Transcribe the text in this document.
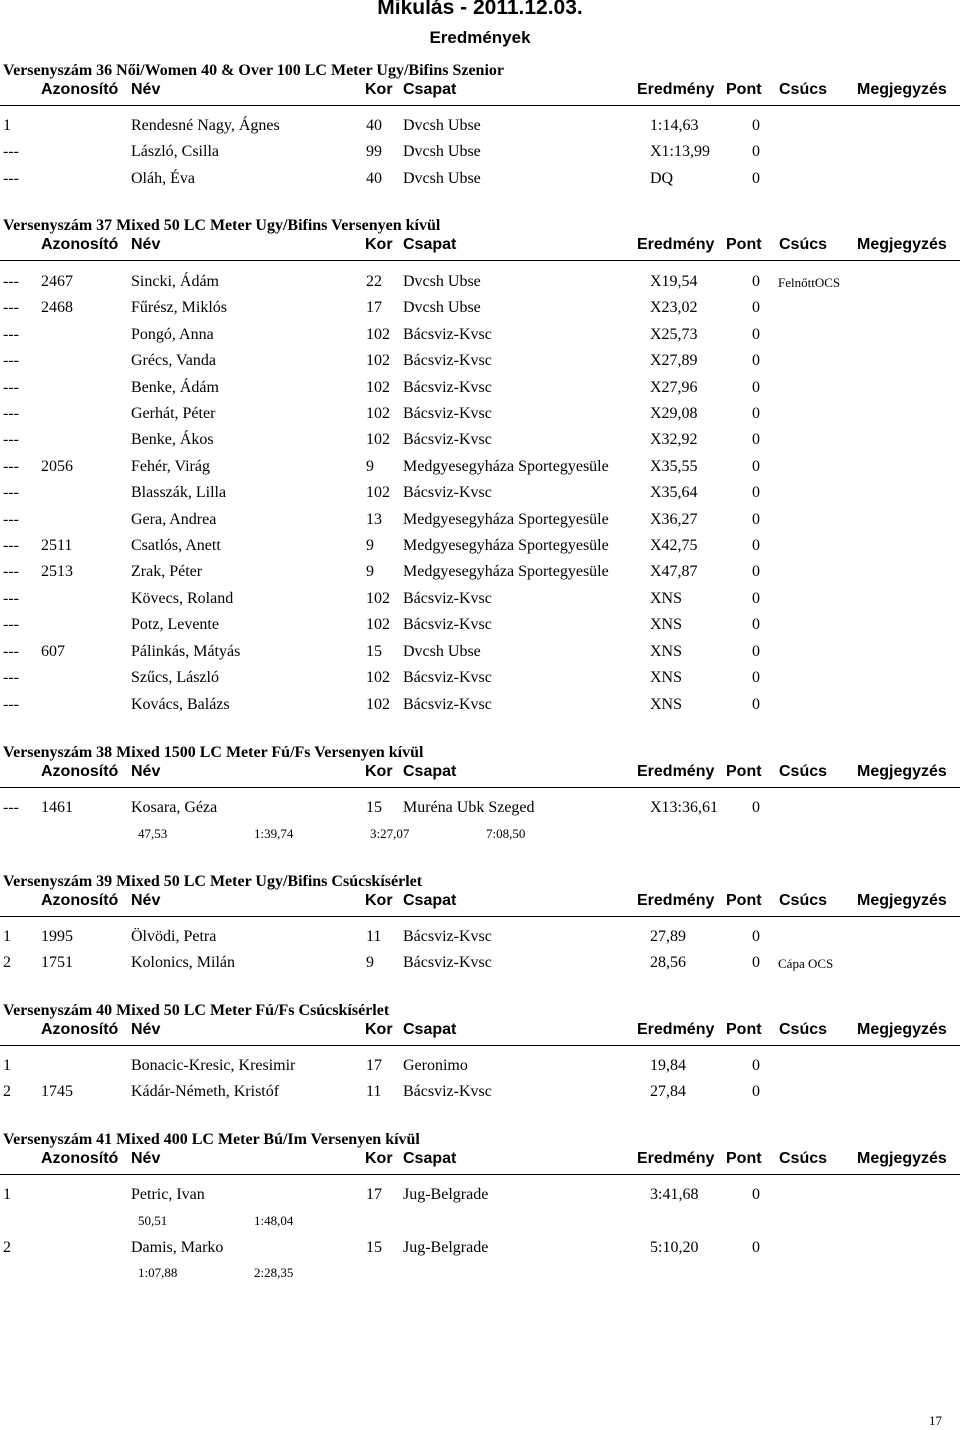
Mikulás - 2011.12.03.
Eredmények
Versenyszám 36 Női/Women 40 & Over 100 LC Meter Ugy/Bifins Szenior
Azonosító Név	Kor Csapat	Eredmény Pont Csúcs Megjegyzés
1	Rendesné Nagy, Ágnes	40 Dvcsh Ubse	1:14,63	0
---	László, Csilla	99 Dvcsh Ubse	X1:13,99	0
---	Oláh, Éva	40 Dvcsh Ubse	DQ	0
Versenyszám 37 Mixed 50 LC Meter Ugy/Bifins Versenyen kívül
Azonosító Név	Kor Csapat	Eredmény Pont Csúcs Megjegyzés
--- 2467	Sincki, Ádám	22 Dvcsh Ubse	X19,54	0 FelnőttOCS
--- 2468	Fűrész, Miklós	17 Dvcsh Ubse	X23,02	0
---	Pongó, Anna	102 Bácsviz-Kvsc	X25,73	0
---	Grécs, Vanda	102 Bácsviz-Kvsc	X27,89	0
---	Benke, Ádám	102 Bácsviz-Kvsc	X27,96	0
---	Gerhát, Péter	102 Bácsviz-Kvsc	X29,08	0
---	Benke, Ákos	102 Bácsviz-Kvsc	X32,92	0
--- 2056	Fehér, Virág	9 Medgyesegyháza Sportegyesüle	X35,55	0
---	Blasszák, Lilla	102 Bácsviz-Kvsc	X35,64	0
---	Gera, Andrea	13 Medgyesegyháza Sportegyesüle	X36,27	0
--- 2511	Csatlós, Anett	9 Medgyesegyháza Sportegyesüle	X42,75	0
--- 2513	Zrak, Péter	9 Medgyesegyháza Sportegyesüle	X47,87	0
---	Kövecs, Roland	102 Bácsviz-Kvsc	XNS	0
---	Potz, Levente	102 Bácsviz-Kvsc	XNS	0
--- 607	Pálinkás, Mátyás	15 Dvcsh Ubse	XNS	0
---	Szűcs, László	102 Bácsviz-Kvsc	XNS	0
---	Kovács, Balázs	102 Bácsviz-Kvsc	XNS	0
Versenyszám 38 Mixed 1500 LC Meter Fú/Fs Versenyen kívül
Azonosító Név	Kor Csapat	Eredmény Pont Csúcs Megjegyzés
--- 1461	Kosara, Géza	15 Muréna Ubk Szeged	X13:36,61 0
47,53	1:39,74	3:27,07	7:08,50
Versenyszám 39 Mixed 50 LC Meter Ugy/Bifins Csúcskísérlet
Azonosító Név	Kor Csapat	Eredmény Pont Csúcs Megjegyzés
1 1995	Ölvödi, Petra	11 Bácsviz-Kvsc	27,89	0
2 1751	Kolonics, Milán	9 Bácsviz-Kvsc	28,56	0 Cápa OCS
Versenyszám 40 Mixed 50 LC Meter Fú/Fs Csúcskísérlet
Azonosító Név	Kor Csapat	Eredmény Pont Csúcs Megjegyzés
1	Bonacic-Kresic, Kresimir	17 Geronimo	19,84	0
2 1745	Kádár-Németh, Kristóf	11 Bácsviz-Kvsc	27,84	0
Versenyszám 41 Mixed 400 LC Meter Bú/Im Versenyen kívül
Azonosító Név	Kor Csapat	Eredmény Pont Csúcs Megjegyzés
1	Petric, Ivan	17 Jug-Belgrade	3:41,68	0
50,51	1:48,04
2	Damis, Marko	15 Jug-Belgrade	5:10,20	0
1:07,88	2:28,35
17
